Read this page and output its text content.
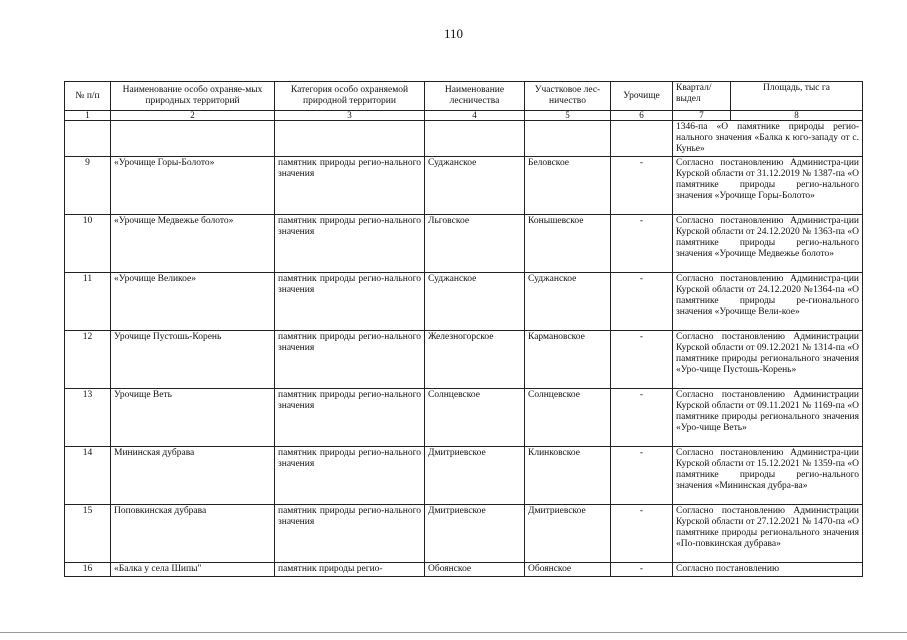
110
№ п/п	Наименование особо охраняе-мых природных территорий	Категория особо охраняемой природной территории	Наименование лесничества	Участковое лес-ничество	Урочище	Квартал/ выдел	Площадь, тыс га
1	2	3	4	5	6	7	8
						1346-па «О памятнике природы регио-нального значения «Балка к юго-западу от с. Кунье»	
9	«Урочище Горы-Болото»	памятник природы регио-нального значения	Суджанское	Беловское	-	Согласно постановлению Администра-ции Курской области от 31.12.2019 № 1387-па «О памятнике природы регио-нального значения «Урочище Горы-Болото»	
10	«Урочище Медвежье болото»	памятник природы регио-нального значения	Льговское	Конышевское	-	Согласно постановлению Администра-ции Курской области от 24.12.2020 № 1363-па «О памятнике природы регио-нального значения «Урочище Медвежье болото»	
11	«Урочище Великое»	памятник природы регио-нального значения	Суджанское	Суджанское	-	Согласно постановлению Администра-ции Курской области от 24.12.2020 №1364-па «О памятнике природы ре-гионального значения «Урочище Вели-кое»	
12	Урочище Пустошь-Корень	памятник природы регио-нального значения	Железногорское	Кармановское	-	Согласно постановлению Администрации Курской области от 09.12.2021 № 1314-па «О памятнике природы регионального значения «Уро-чище Пустошь-Корень»	
13	Урочище Веть	памятник природы регио-нального значения	Солнцевское	Солнцевское	-	Согласно постановлению Администрации Курской области от 09.11.2021 № 1169-па «О памятнике природы регионального значения «Уро-чище Веть»	
14	Мининская дубрава	памятник природы регио-нального значения	Дмитриевское	Клинковское	-	Согласно постановлению Администра-ции Курской области от 15.12.2021 № 1359-па «О памятнике природы регио-нального значения «Мининская дубра-ва»	
15	Поповкинская дубрава	памятник природы регио-нального значения	Дмитриевское	Дмитриевское	-	Согласно постановлению Администрации Курской области от 27.12.2021 № 1470-па «О памятнике природы регионального значения «По-повкинская дубрава»	
16	«Балка у села Шипы"	памятник природы регио-	Обоянское	Обоянское	-	Согласно постановлению	
